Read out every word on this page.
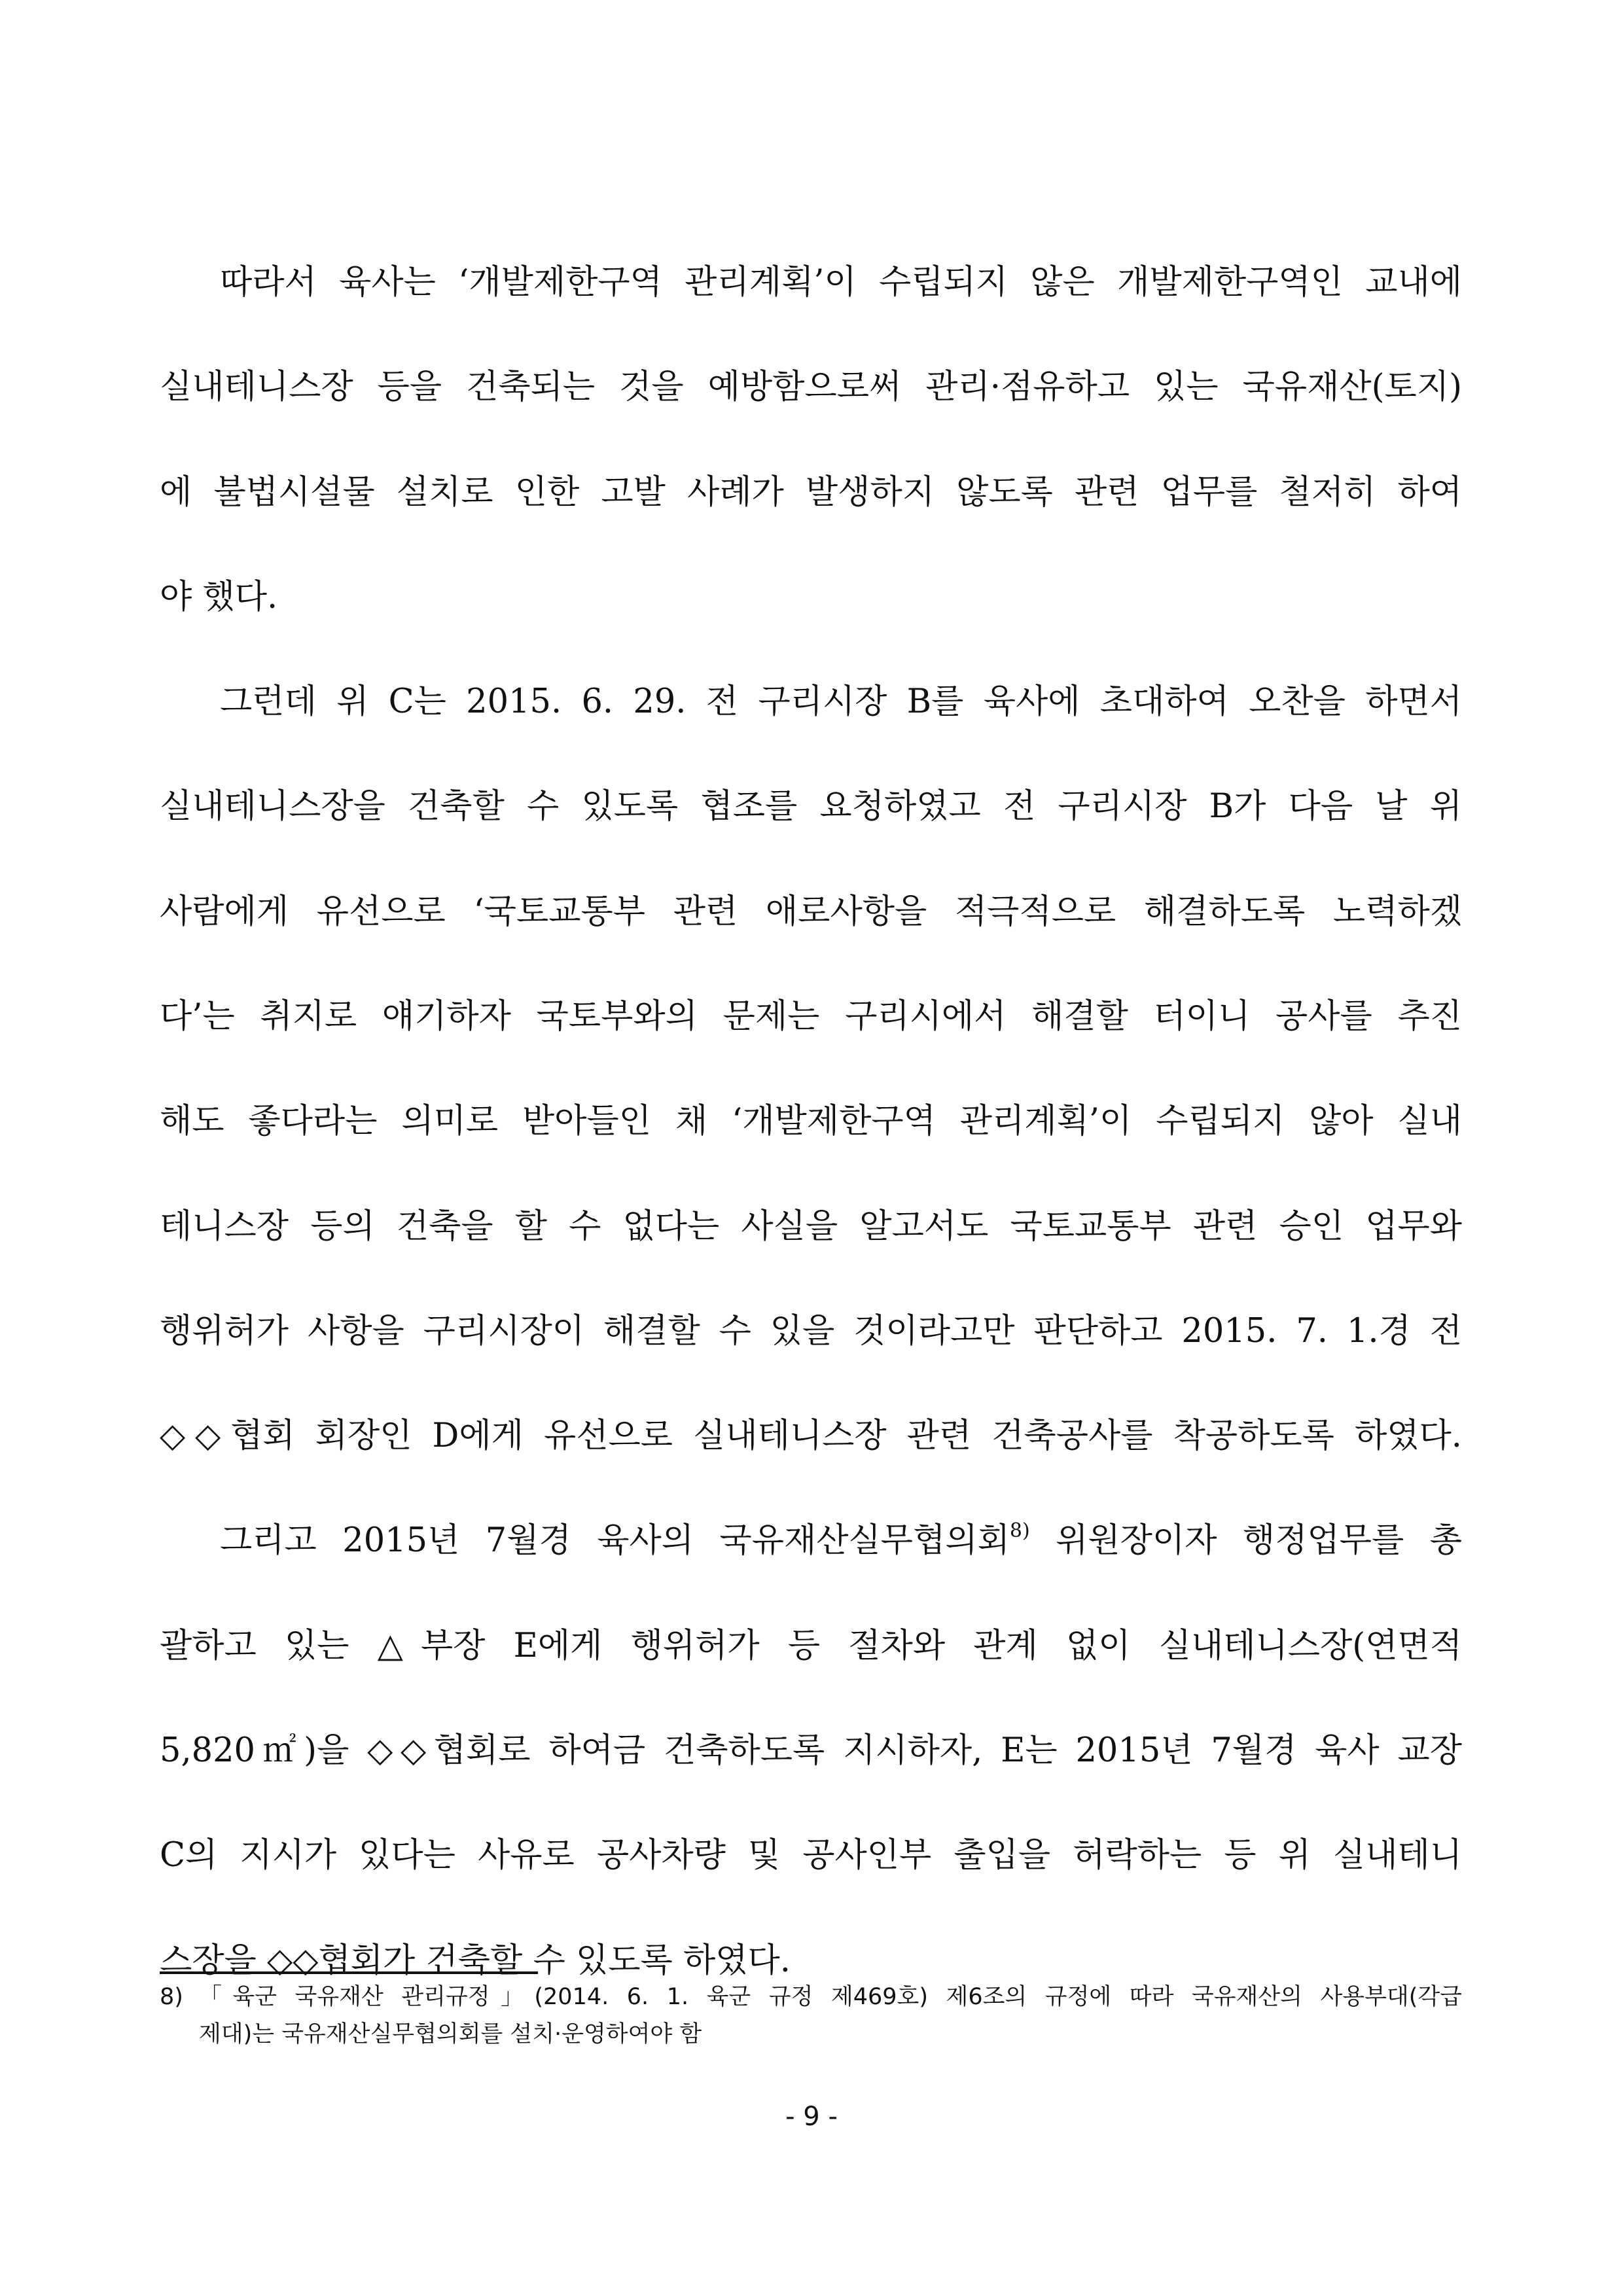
따라서 육사는 ‘개발제한구역 관리계획’이 수립되지 않은 개발제한구역인 교내에
실내테니스장 등을 건축되는 것을 예방함으로써 관리·점유하고 있는 국유재산(토지)
에 불법시설물 설치로 인한 고발 사례가 발생하지 않도록 관련 업무를 철저히 하여
야 했다.
그런데 위 C는 2015. 6. 29. 전 구리시장 B를 육사에 초대하여 오찬을 하면서
실내테니스장을 건축할 수 있도록 협조를 요청하였고 전 구리시장 B가 다음 날 위
사람에게 유선으로 ‘국토교통부 관련 애로사항을 적극적으로 해결하도록 노력하겠
다’는 취지로 얘기하자 국토부와의 문제는 구리시에서 해결할 터이니 공사를 추진
해도 좋다라는 의미로 받아들인 채 ‘개발제한구역 관리계획’이 수립되지 않아 실내
테니스장 등의 건축을 할 수 없다는 사실을 알고서도 국토교통부 관련 승인 업무와
행위허가 사항을 구리시장이 해결할 수 있을 것이라고만 판단하고 2015. 7. 1.경 전
◇◇협회 회장인 D에게 유선으로 실내테니스장 관련 건축공사를 착공하도록 하였다.
그리고 2015년 7월경 육사의 국유재산실무협의회$^{8)}$ 위원장이자 행정업무를 총
괄하고 있는 △부장 E에게 행위허가 등 절차와 관계 없이 실내테니스장(연면적
5,820㎡)을 ◇◇협회로 하여금 건축하도록 지시하자, E는 2015년 7월경 육사 교장
C의 지시가 있다는 사유로 공사차량 및 공사인부 출입을 허락하는 등 위 실내테니
스장을 ◇◇협회가 건축할 수 있도록 하였다.
8) 「육군 국유재산 관리규정」(2014. 6. 1. 육군 규정 제469호) 제6조의 규정에 따라 국유재산의 사용부대(각급
제대)는 국유재산실무협의회를 설치·운영하여야 함
- 9 -
